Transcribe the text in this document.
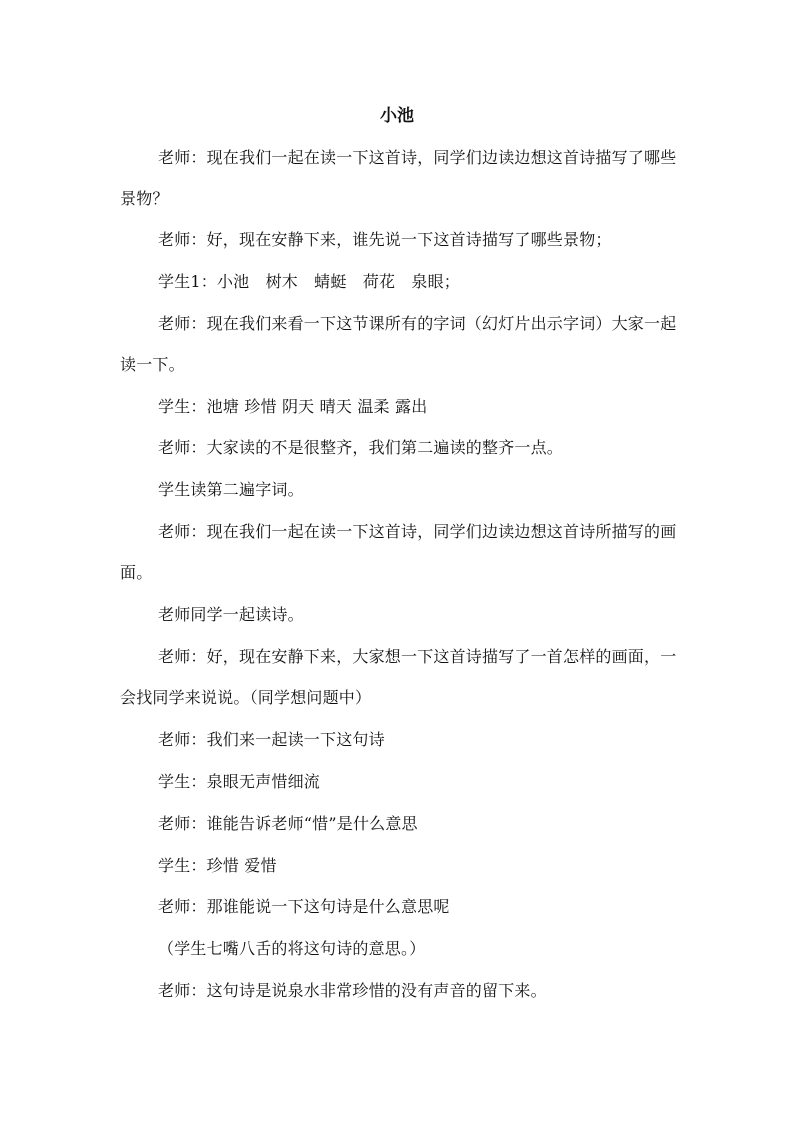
小池

老师：现在我们一起在读一下这首诗，同学们边读边想这首诗描写了哪些景物？

老师：好，现在安静下来，谁先说一下这首诗描写了哪些景物；

学生1：小池　树木　蜻蜓　荷花　泉眼；

老师：现在我们来看一下这节课所有的字词（幻灯片出示字词）大家一起读一下。

学生：池塘 珍惜 阴天 晴天 温柔 露出

老师：大家读的不是很整齐，我们第二遍读的整齐一点。

学生读第二遍字词。

老师：现在我们一起在读一下这首诗，同学们边读边想这首诗所描写的画面。

老师同学一起读诗。

老师：好，现在安静下来，大家想一下这首诗描写了一首怎样的画面，一会找同学来说说。（同学想问题中）

老师：我们来一起读一下这句诗

学生：泉眼无声惜细流

老师：谁能告诉老师“惜”是什么意思

学生：珍惜 爱惜

老师：那谁能说一下这句诗是什么意思呢

（学生七嘴八舌的将这句诗的意思。）

老师：这句诗是说泉水非常珍惜的没有声音的留下来。
